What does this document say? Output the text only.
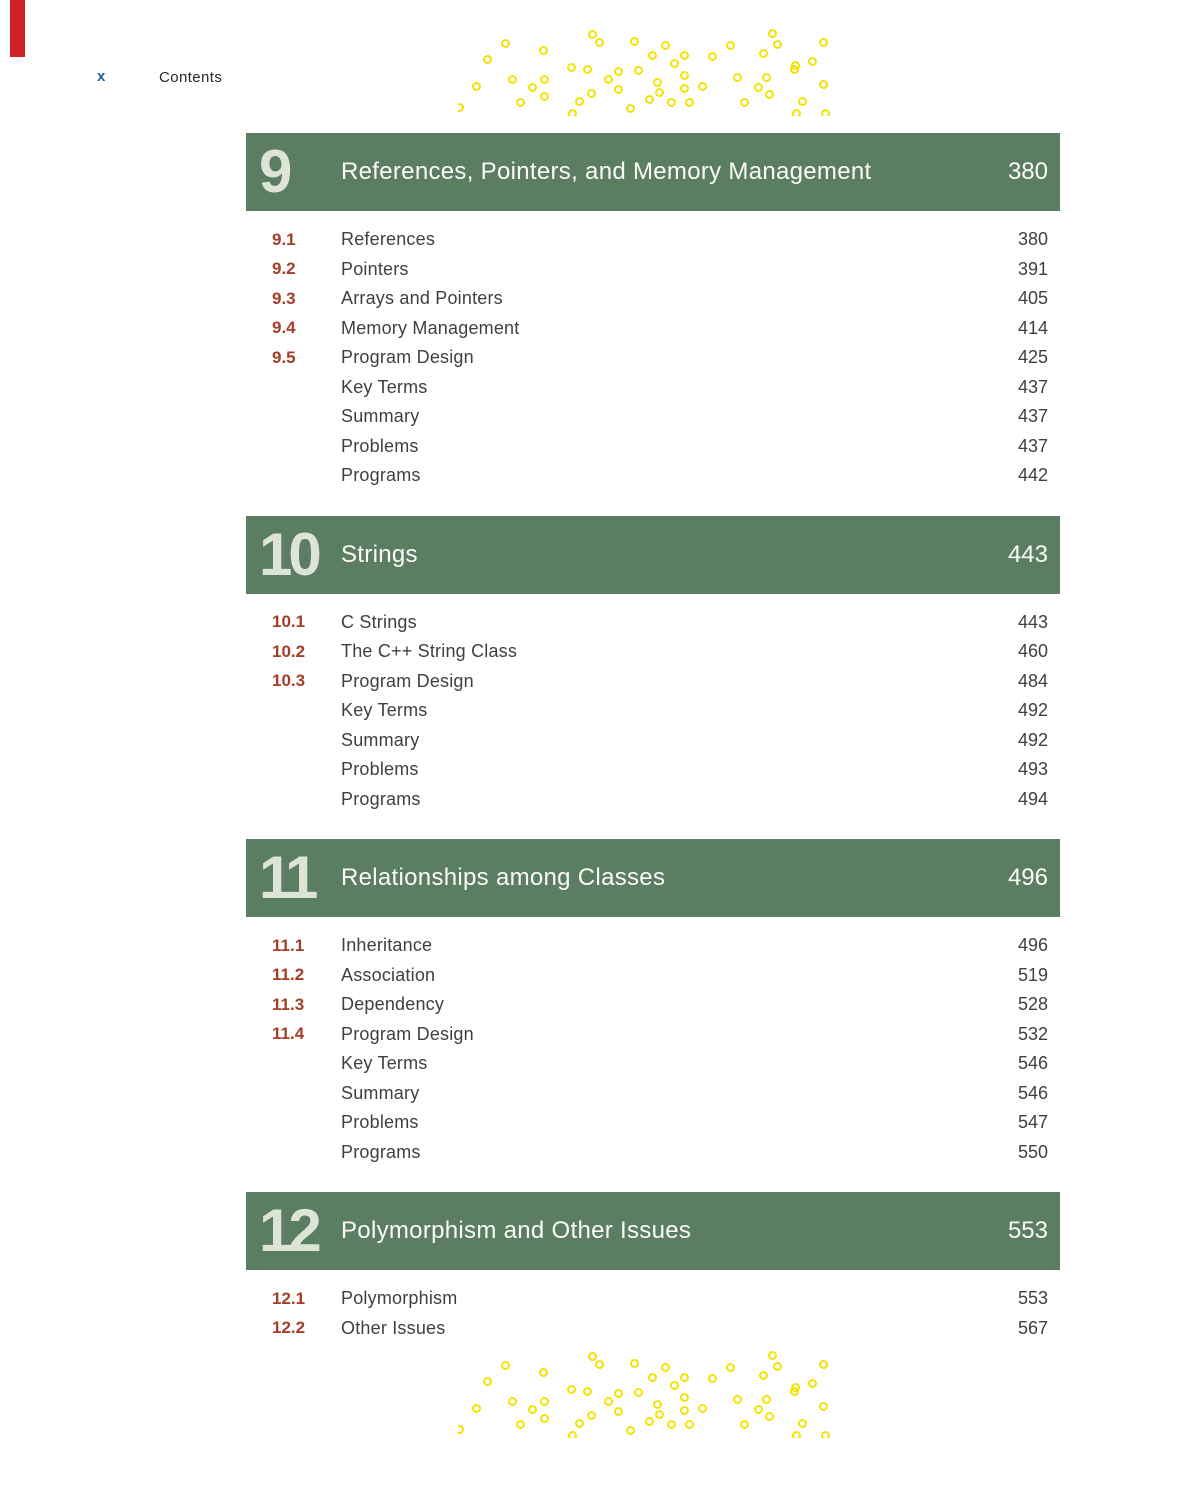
x	Contents
9	References, Pointers, and Memory Management	380
9.1	References	380
9.2	Pointers	391
9.3	Arrays and Pointers	405
9.4	Memory Management	414
9.5	Program Design	425
Key Terms	437
Summary	437
Problems	437
Programs	442
10 Strings	443
10.1	C Strings	443
10.2	The C++ String Class	460
10.3	Program Design	484
Key Terms	492
Summary	492
Problems	493
Programs	494
11	Relationships among Classes	496
11.1	Inheritance	496
11.2	Association	519
11.3	Dependency	528
11.4	Program Design	532
Key Terms	546
Summary	546
Problems	547
Programs	550
12 Polymorphism and Other Issues	553
12.1	Polymorphism	553
12.2	Other Issues	567
